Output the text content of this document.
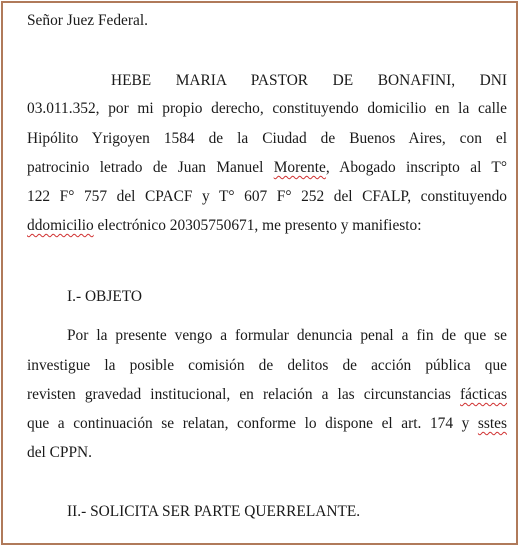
Señor Juez Federal.
HEBE MARIA PASTOR DE BONAFINI, DNI
03.011.352, por mi propio derecho, constituyendo domicilio en la calle
Hipólito Yrigoyen 1584 de la Ciudad de Buenos Aires, con el
patrocinio letrado de Juan Manuel Morente, Abogado inscripto al T°
122 F° 757 del CPACF y T° 607 F° 252 del CFALP, constituyendo
ddomicilio electrónico 20305750671, me presento y manifiesto:
I.- OBJETO
Por la presente vengo a formular denuncia penal a fin de que se
investigue la posible comisión de delitos de acción pública que
revisten gravedad institucional, en relación a las circunstancias fácticas
que a continuación se relatan, conforme lo dispone el art. 174 y sstes
del CPPN.
II.- SOLICITA SER PARTE QUERRELANTE.
